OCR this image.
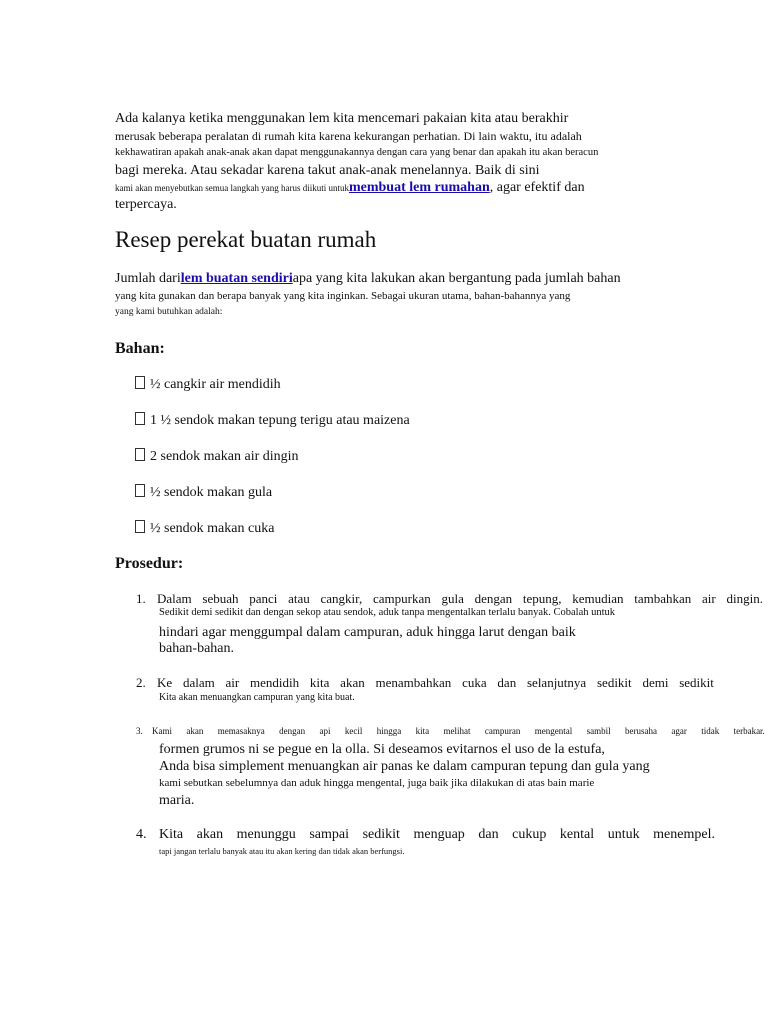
Ada kalanya ketika menggunakan lem kita mencemari pakaian kita atau berakhir
merusak beberapa peralatan di rumah kita karena kekurangan perhatian. Di lain waktu, itu adalah
kekhawatiran apakah anak-anak akan dapat menggunakannya dengan cara yang benar dan apakah itu akan beracun
bagi mereka. Atau sekadar karena takut anak-anak menelannya. Baik di sini
kami akan menyebutkan semua langkah yang harus diikuti untukmembuat lem rumahan, agar efektif dan
terpercaya.
Resep perekat buatan rumah
Jumlah darilem buatan sendiriapa yang kita lakukan akan bergantung pada jumlah bahan
yang kita gunakan dan berapa banyak yang kita inginkan. Sebagai ukuran utama, bahan-bahannya yang
yang kami butuhkan adalah:
Bahan:
½ cangkir air mendidih
1 ½ sendok makan tepung terigu atau maizena
2 sendok makan air dingin
½ sendok makan gula
½ sendok makan cuka
Prosedur:
1. Dalam sebuah panci atau cangkir, campurkan gula dengan tepung, kemudian tambahkan air dingin.
Sedikit demi sedikit dan dengan sekop atau sendok, aduk tanpa mengentalkan terlalu banyak. Cobalah untuk
hindari agar menggumpal dalam campuran, aduk hingga larut dengan baik
bahan-bahan.
2. Ke dalam air mendidih kita akan menambahkan cuka dan selanjutnya sedikit demi sedikit
Kita akan menuangkan campuran yang kita buat.
3. Kami akan memasaknya dengan api kecil hingga kita melihat campuran mengental sambil berusaha agar tidak terbakar.
formen grumos ni se pegue en la olla. Si deseamos evitarnos el uso de la estufa,
Anda bisa simplement menuangkan air panas ke dalam campuran tepung dan gula yang
kami sebutkan sebelumnya dan aduk hingga mengental, juga baik jika dilakukan di atas bain marie
maria.
4. Kita akan menunggu sampai sedikit menguap dan cukup kental untuk menempel.
tapi jangan terlalu banyak atau itu akan kering dan tidak akan berfungsi.
